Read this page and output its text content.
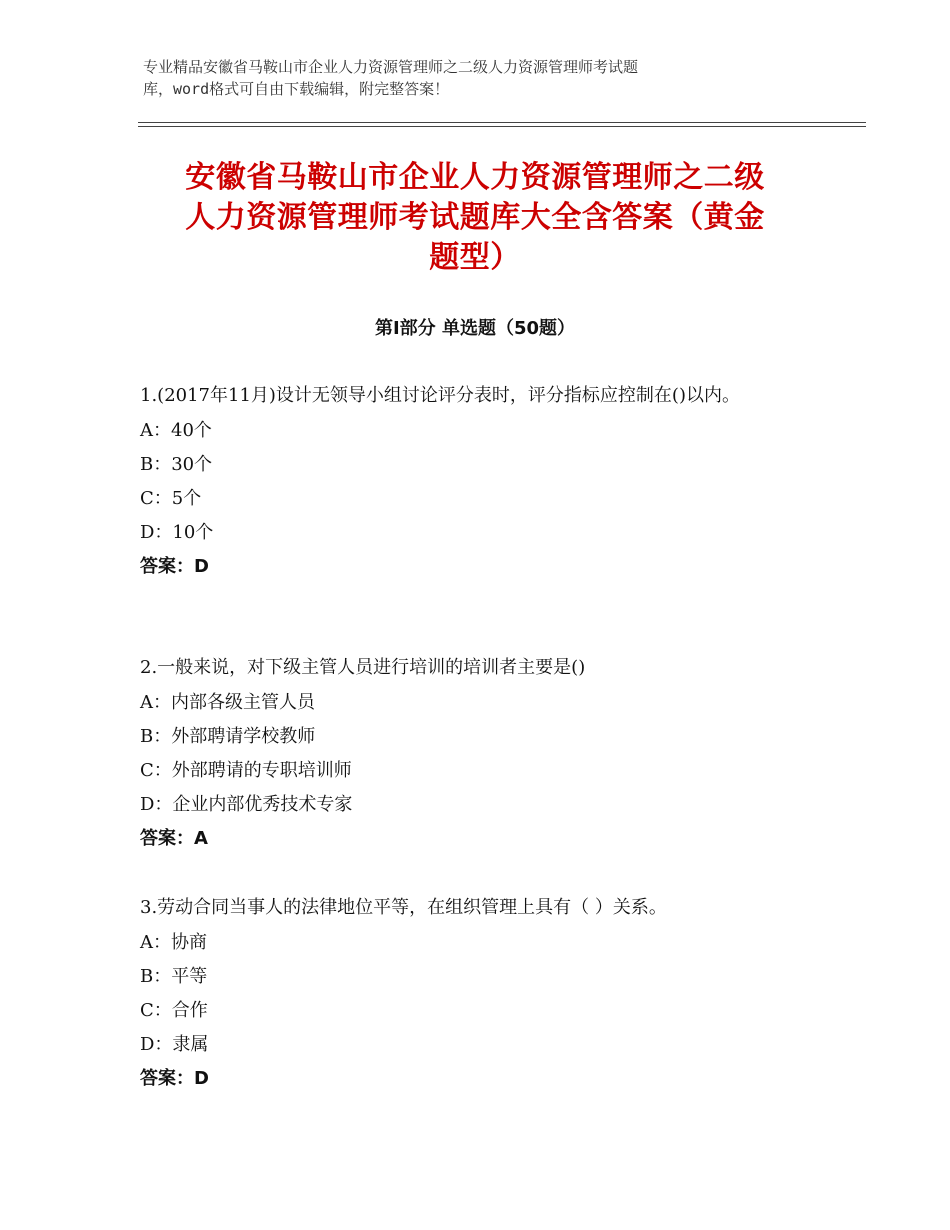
专业精品安徽省马鞍山市企业人力资源管理师之二级人力资源管理师考试题
库，word格式可自由下载编辑，附完整答案！
安徽省马鞍山市企业人力资源管理师之二级
人力资源管理师考试题库大全含答案（黄金
题型）
第Ⅰ部分 单选题（50题）
1.(2017年11月)设计无领导小组讨论评分表时，评分指标应控制在()以内。
A：40个
B：30个
C：5个
D：10个
答案：D
2.一般来说，对下级主管人员进行培训的培训者主要是()
A：内部各级主管人员
B：外部聘请学校教师
C：外部聘请的专职培训师
D：企业内部优秀技术专家
答案：A
3.劳动合同当事人的法律地位平等，在组织管理上具有（ ）关系。
A：协商
B：平等
C：合作
D：隶属
答案：D
